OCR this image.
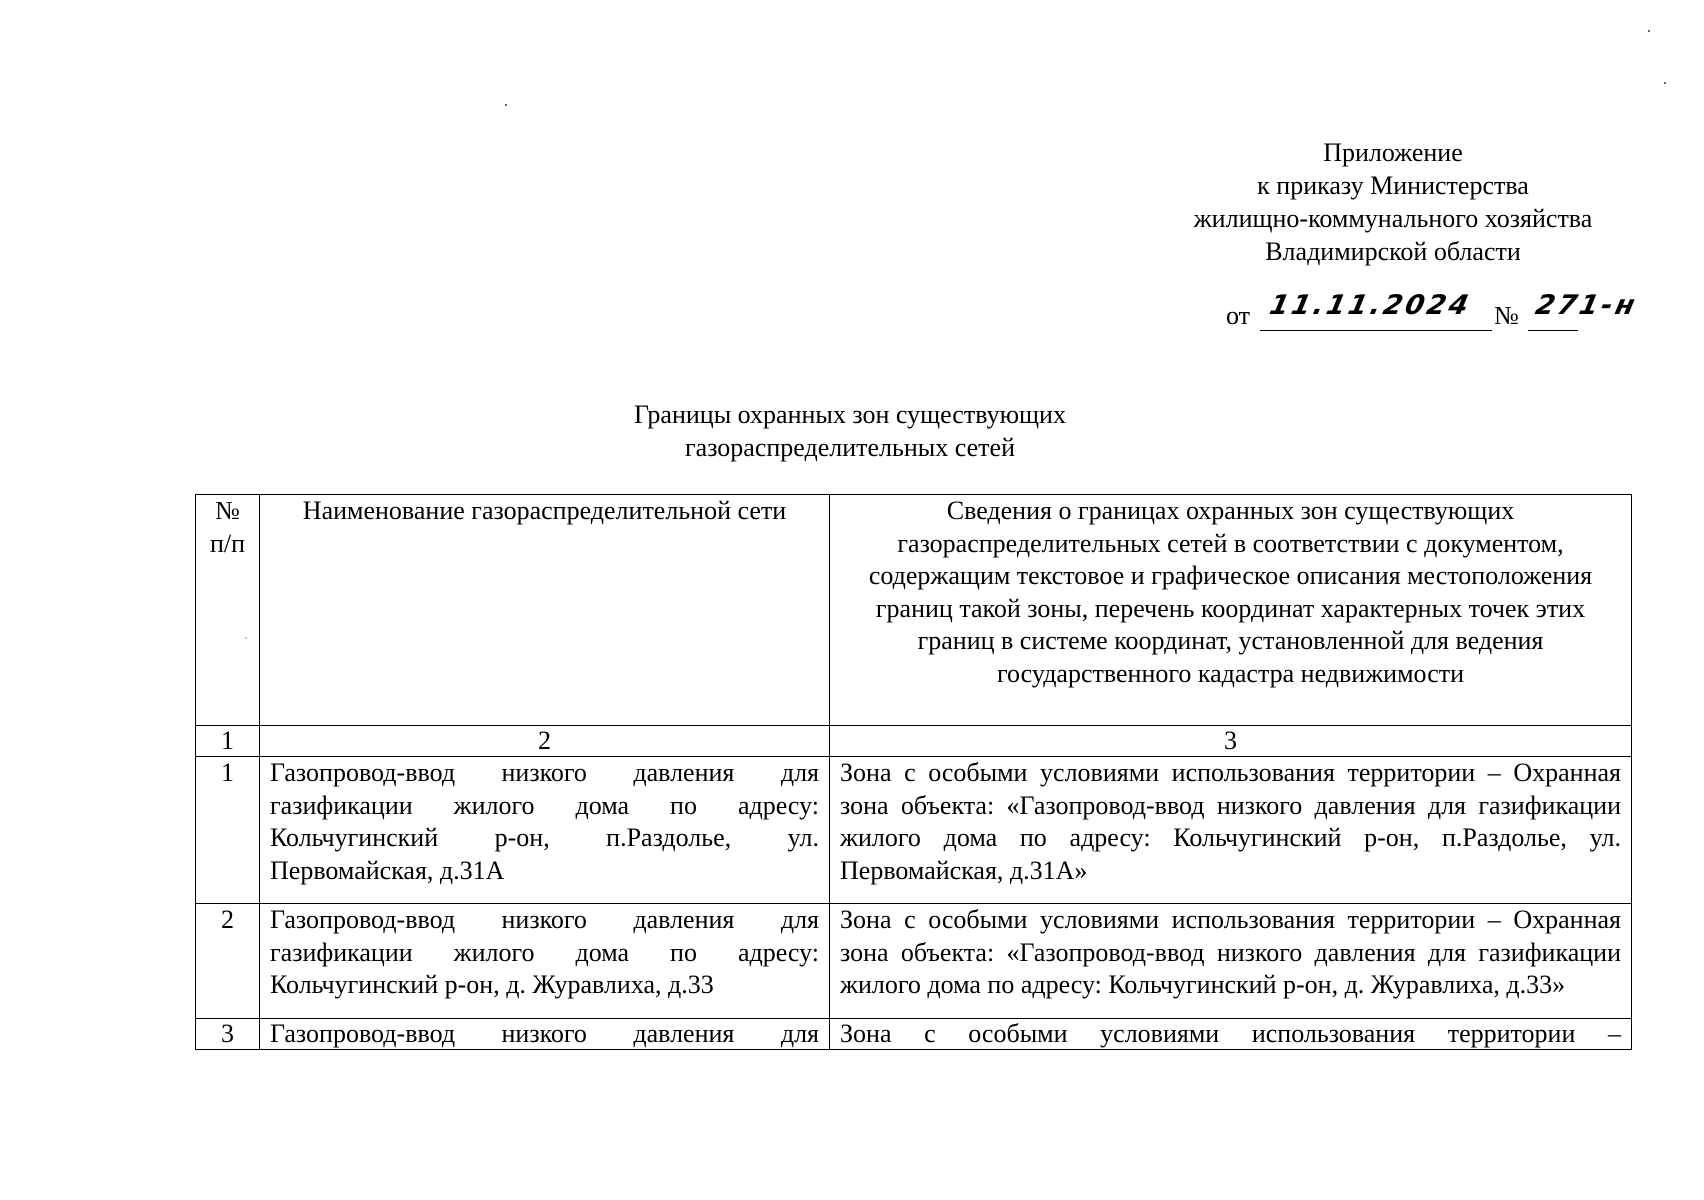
Приложение
к приказу Министерства
жилищно-коммунального хозяйства
Владимирской области
от 11.11.2024 № 271-н
Границы охранных зон существующих
газораспределительных сетей
№ п/п	Наименование газораспределительной сети	Сведения о границах охранных зон существующих газораспределительных сетей в соответствии с документом, содержащим текстовое и графическое описания местоположения границ такой зоны, перечень координат характерных точек этих границ в системе координат, установленной для ведения государственного кадастра недвижимости
1	2	3
1	Газопровод-ввод низкого давления для газификации жилого дома по адресу: Кольчугинский р-он, п.Раздолье, ул. Первомайская, д.31А	Зона с особыми условиями использования территории – Охранная зона объекта: «Газопровод-ввод низкого давления для газификации жилого дома по адресу: Кольчугинский р-он, п.Раздолье, ул. Первомайская, д.31А»
2	Газопровод-ввод низкого давления для газификации жилого дома по адресу: Кольчугинский р-он, д. Журавлиха, д.33	Зона с особыми условиями использования территории – Охранная зона объекта: «Газопровод-ввод низкого давления для газификации жилого дома по адресу: Кольчугинский р-он, д. Журавлиха, д.33»
3	Газопровод-ввод низкого давления для	Зона с особыми условиями использования территории –
